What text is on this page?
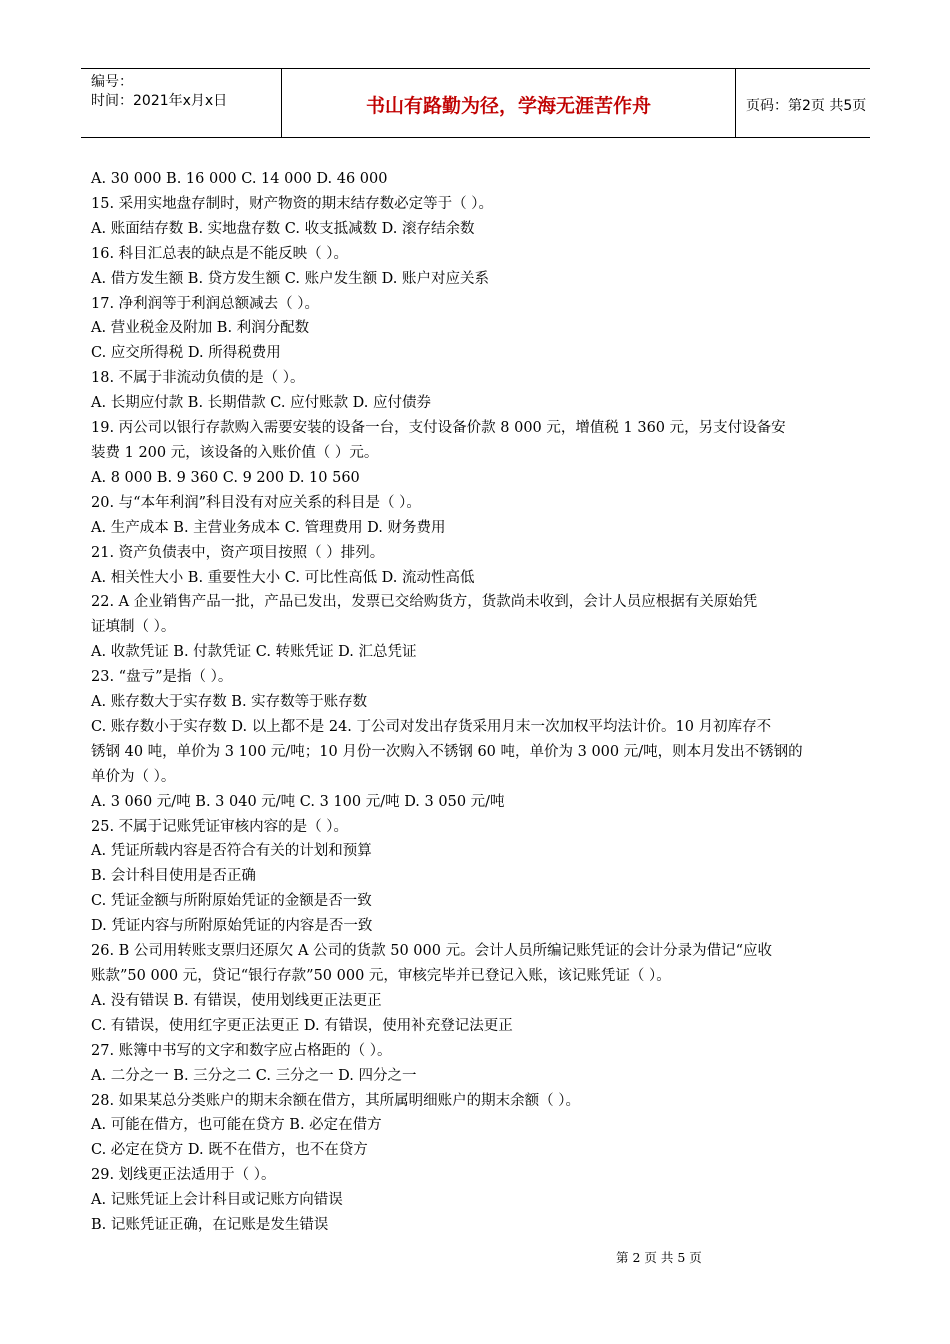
编号：
时间：2021年x月x日	书山有路勤为径，学海无涯苦作舟	页码：第2页 共5页
A. 30 000 B. 16 000 C. 14 000 D. 46 000
15. 采用实地盘存制时，财产物资的期末结存数必定等于（ ）。
A. 账面结存数 B. 实地盘存数 C. 收支抵减数 D. 滚存结余数
16. 科目汇总表的缺点是不能反映（ ）。
A. 借方发生额 B. 贷方发生额 C. 账户发生额 D. 账户对应关系
17. 净利润等于利润总额减去（ ）。
A. 营业税金及附加 B. 利润分配数
C. 应交所得税 D. 所得税费用
18. 不属于非流动负债的是（ ）。
A. 长期应付款 B. 长期借款 C. 应付账款 D. 应付债券
19. 丙公司以银行存款购入需要安装的设备一台，支付设备价款 8 000 元，增值税 1 360 元，另支付设备安
装费 1 200 元，该设备的入账价值（ ）元。
A. 8 000 B. 9 360 C. 9 200 D. 10 560
20. 与“本年利润”科目没有对应关系的科目是（ ）。
A. 生产成本 B. 主营业务成本 C. 管理费用 D. 财务费用
21. 资产负债表中，资产项目按照（ ）排列。
A. 相关性大小 B. 重要性大小 C. 可比性高低 D. 流动性高低
22. A 企业销售产品一批，产品已发出，发票已交给购货方，货款尚未收到，会计人员应根据有关原始凭
证填制（ ）。
A. 收款凭证 B. 付款凭证 C. 转账凭证 D. 汇总凭证
23. “盘亏”是指（ ）。
A. 账存数大于实存数 B. 实存数等于账存数
C. 账存数小于实存数 D. 以上都不是 24. 丁公司对发出存货采用月末一次加权平均法计价。10 月初库存不
锈钢 40 吨，单价为 3 100 元/吨；10 月份一次购入不锈钢 60 吨，单价为 3 000 元/吨，则本月发出不锈钢的
单价为（ ）。
A. 3 060 元/吨 B. 3 040 元/吨 C. 3 100 元/吨 D. 3 050 元/吨
25. 不属于记账凭证审核内容的是（ ）。
A. 凭证所载内容是否符合有关的计划和预算
B. 会计科目使用是否正确
C. 凭证金额与所附原始凭证的金额是否一致
D. 凭证内容与所附原始凭证的内容是否一致
26. B 公司用转账支票归还原欠 A 公司的货款 50 000 元。会计人员所编记账凭证的会计分录为借记“应收
账款”50 000 元，贷记“银行存款”50 000 元，审核完毕并已登记入账，该记账凭证（ ）。
A. 没有错误 B. 有错误，使用划线更正法更正
C. 有错误，使用红字更正法更正 D. 有错误，使用补充登记法更正
27. 账簿中书写的文字和数字应占格距的（ ）。
A. 二分之一 B. 三分之二 C. 三分之一 D. 四分之一
28. 如果某总分类账户的期末余额在借方，其所属明细账户的期末余额（ ）。
A. 可能在借方，也可能在贷方 B. 必定在借方
C. 必定在贷方 D. 既不在借方，也不在贷方
29. 划线更正法适用于（ ）。
A. 记账凭证上会计科目或记账方向错误
B. 记账凭证正确，在记账是发生错误
第 2 页 共 5 页
